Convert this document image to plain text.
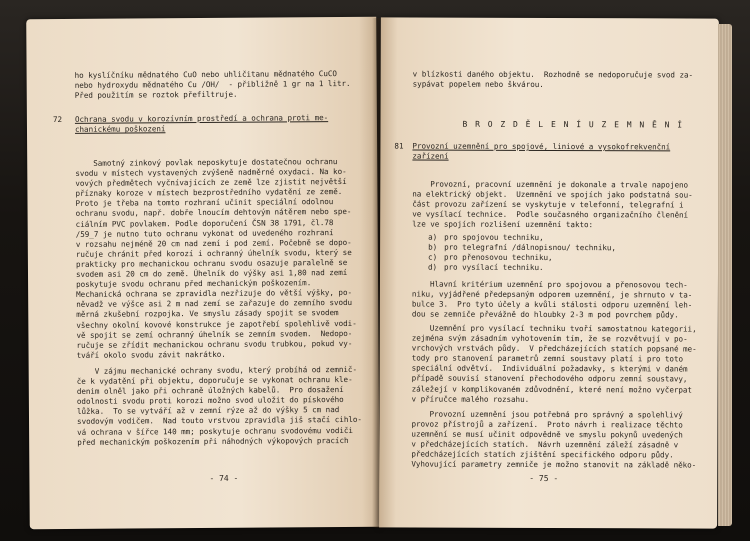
ho kyslíčníku mědnatého CuO nebo uhličitanu mědnatého CuCO
nebo hydroxydu mědnatého Cu /OH/  - přibližně 1 gr na 1 litr.
Před použitím se roztok přefiltruje.
72 Ochrana svodu v korozívním prostředí a ochrana proti me-
chanickému poškození
Samotný zinkový povlak neposkytuje dostatečnou ochranu
svodu v místech vystavených zvýšeně nadměrné oxydaci. Na ko-
vových předmětech vyčnívajících ze země lze zjistit největší
příznaky koroze v místech bezprostředního vydatění ze země.
Proto je třeba na tomto rozhraní učinit speciální odolnou
ochranu svodu, např. dobře lnoucím dehtovým nátěrem nebo spe-
ciálním PVC povlakem. Podle doporučení ČSN 38 1791, čl.78
/59_7 je nutno tuto ochranu vykonat od uvedeného rozhraní
v rozsahu nejméně 20 cm nad zemí i pod zemí. Počebně se dopo-
ručuje chránit před korozí i ochranný úhelník svodu, který se
prakticky pro mechanickou ochranu svodu osazuje paralelně se
svodem asi 20 cm do země. Úhelník do výšky asi 1,80 nad zemí
poskytuje svodu ochranu před mechanickým poškozením.
Mechanická ochrana se zpravidla nezřizuje do větší výšky, po-
něvadž ve výšce asi 2 m nad zemí se zařazuje do zemního svodu
měrná zkušební rozpojka. Ve smyslu zásady spojit se svodem
všechny okolní kovové konstrukce je zapotřebí spolehlivě vodi-
vě spojit se zemí ochranný úhelník se zemním svodem.  Nedopo-
ručuje se zřídit mechanickou ochranu svodu trubkou, pokud vy-
tváří okolo svodu závit nakrátko.
V zájmu mechanické ochrany svodu, který probíhá od zemnič-
če k vydatění při objektu, doporučuje se vykonat ochranu kle-
denim olněl jako při ochraně úložných kabelů.  Pro dosažení
odolnosti svodu proti korozi možno svod uložit do pískového
lůžka.  To se vytváří až v zemní rýze až do výšky 5 cm nad
svodovým vodičem.  Nad touto vrstvou zpravidla jiš stačí cihlo-
vá ochrana v šířce 140 mm; poskytuje ochranu svodovému vodiči
před mechanickým poškozením při náhodných výkopových pracích
- 74 -
v blízkosti daného objektu.  Rozhodně se nedoporučuje svod za-
sypávat popelem nebo škvárou.
B R O Z D Ě L E N Í U Z E M N Ě N Í
81 Provozní uzemnění pro spojové, liniové a vysokofrekvenční
zařízení
Provozní, pracovní uzemnění je dokonale a trvale napojeno
na elektrický objekt.  Uzemnění ve spojích jako podstatná sou-
část provozu zařízení se vyskytuje v telefonní, telegrafní i
ve vysílací technice.  Podle současného organizačního členění
lze ve spojích rozlišení uzemnění takto:
a) pro spojovou techniku,
b) pro telegrafní /dálnopisnou/ techniku,
c) pro přenosovou techniku,
d) pro vysílací techniku.
Hlavní kritérium uzemnění pro spojovou a přenosovou tech-
niku, vyjádřené předepsaným odporem uzemnění, je shrnuto v ta-
bulce 3.  Pro tyto účely a kvůli stálosti odporu uzemnění leh-
dou se zemniče převážně do hloubky 2-3 m pod povrchem půdy.
Uzemnění pro vysílací techniku tvoří samostatnou kategorii,
zejména svým zásadním vyhotovením tím, že se rozvětvují v po-
vrchových vrstvách půdy.  V předcházejících statích popsané me-
tody pro stanovení parametrů zemní soustavy platí i pro toto
speciální odvětví.  Individuální požadavky, s kterými v daném
případě souvisí stanovení přechodového odporu zemní soustavy,
záležejí v komplikovaném zdůvodnění, které není možno vyčerpat
v příručce malého rozsahu.
Provozní uzemnění jsou potřebná pro správný a spolehlivý
provoz přístrojů a zařízení.  Proto návrh i realizace těchto
uzemnění se musí učinit odpovědně ve smyslu pokynů uvedených
v předcházejících statích.  Návrh uzemnění záleží zásadně v
předcházejících statích zjištění specifického odporu půdy.
Vyhovující parametry zemniče je možno stanovit na základě něko-
- 75 -
